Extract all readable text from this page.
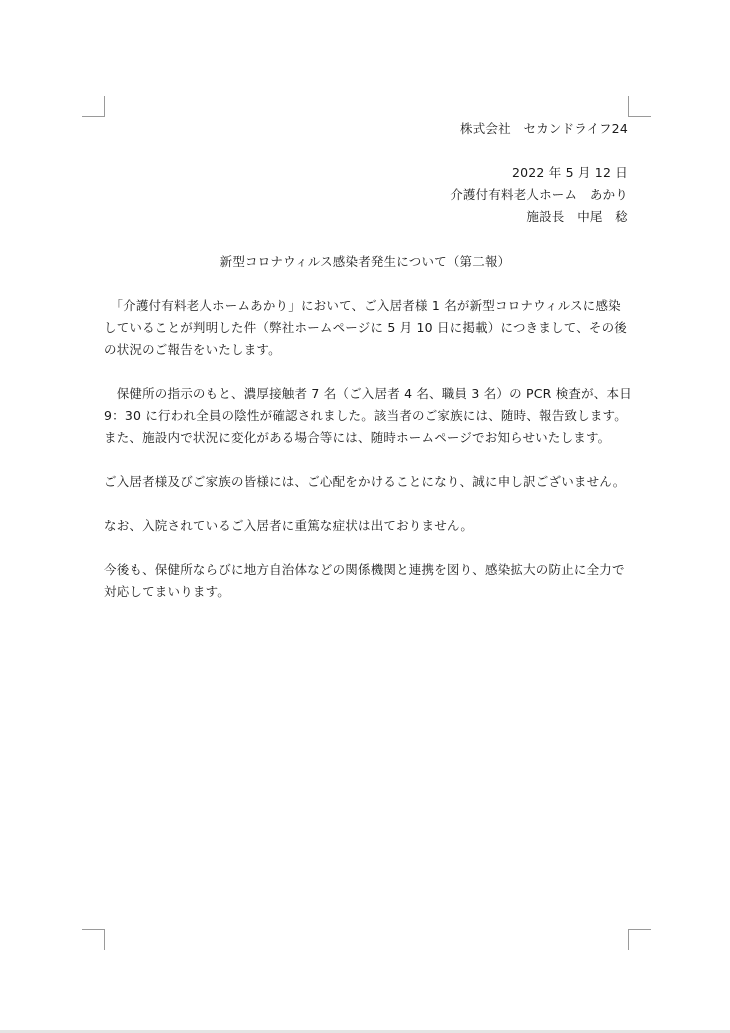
株式会社　セカンドライフ24
2022 年 5 月 12 日
介護付有料老人ホーム　あかり
施設長　中尾　稔
新型コロナウィルス感染者発生について（第二報）
　「介護付有料老人ホームあかり」において、ご入居者様 1 名が新型コロナウィルスに感染
していることが判明した件（弊社ホームページに 5 月 10 日に掲載）につきまして、その後
の状況のご報告をいたします。
　保健所の指示のもと、濃厚接触者 7 名（ご入居者 4 名、職員 3 名）の PCR 検査が、本日
9：30 に行われ全員の陰性が確認されました。該当者のご家族には、随時、報告致します。
また、施設内で状況に変化がある場合等には、随時ホームページでお知らせいたします。
ご入居者様及びご家族の皆様には、ご心配をかけることになり、誠に申し訳ございません。
なお、入院されているご入居者に重篤な症状は出ておりません。
今後も、保健所ならびに地方自治体などの関係機関と連携を図り、感染拡大の防止に全力で
対応してまいります。
